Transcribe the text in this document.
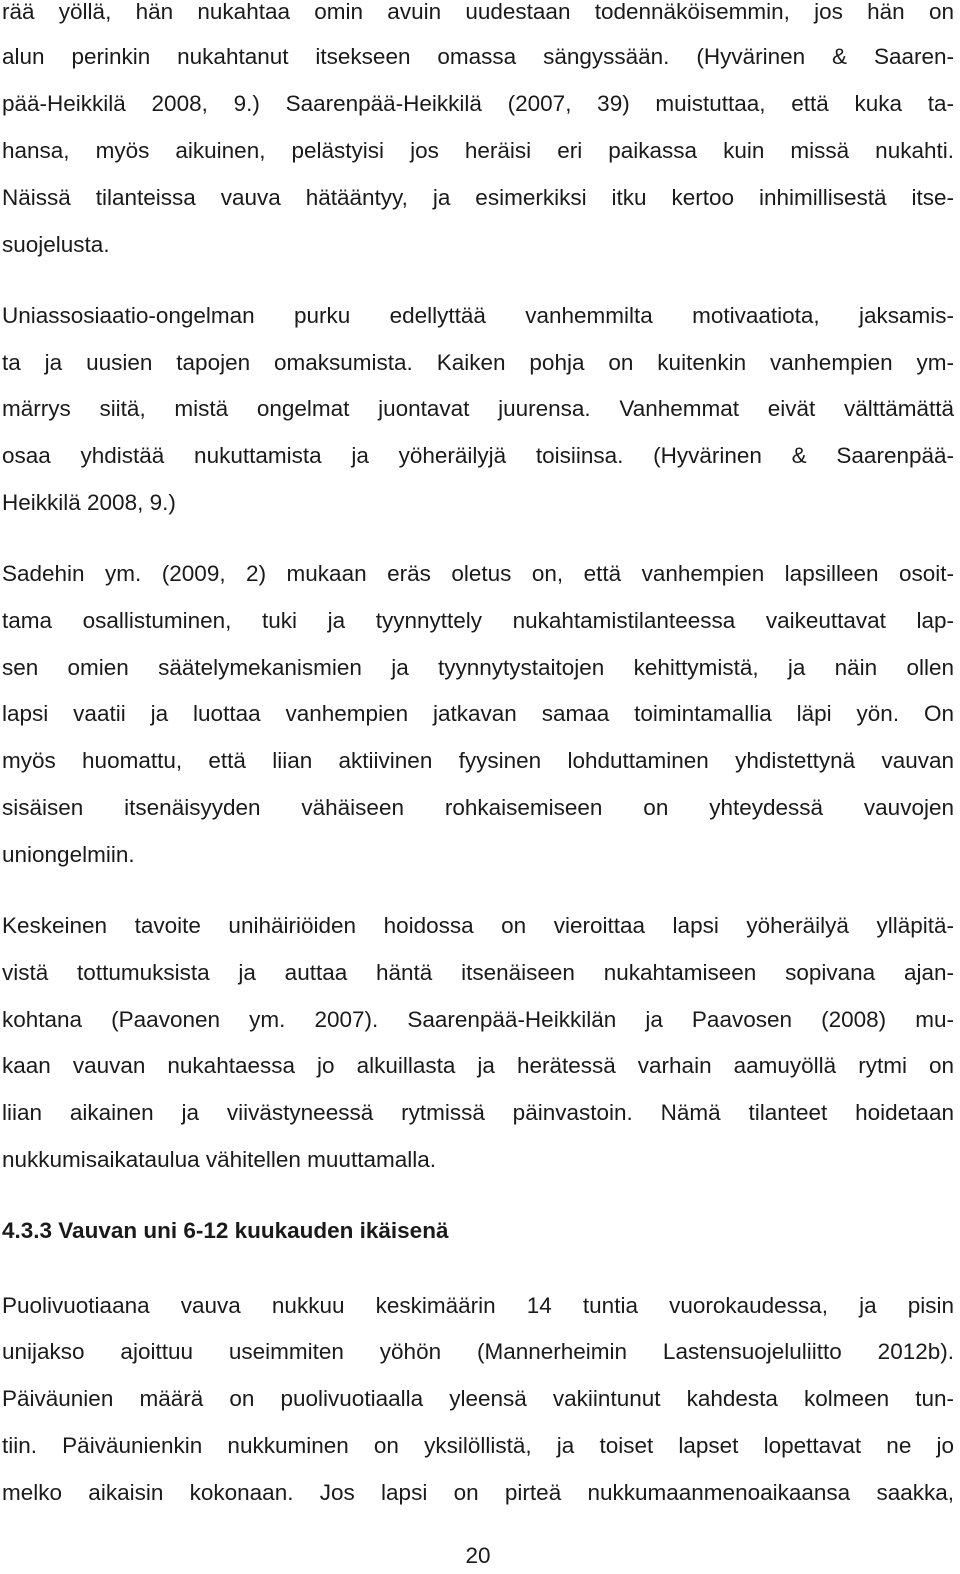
rää yöllä, hän nukahtaa omin avuin uudestaan todennäköisemmin, jos hän on
alun perinkin nukahtanut itsekseen omassa sängyssään. (Hyvärinen & Saaren-
pää-Heikkilä 2008, 9.) Saarenpää-Heikkilä (2007, 39) muistuttaa, että kuka ta-
hansa, myös aikuinen, pelästyisi jos heräisi eri paikassa kuin missä nukahti.
Näissä tilanteissa vauva hätääntyy, ja esimerkiksi itku kertoo inhimillisestä itse-
suojelusta.
Uniassosiaatio-ongelman purku edellyttää vanhemmilta motivaatiota, jaksamis-
ta ja uusien tapojen omaksumista. Kaiken pohja on kuitenkin vanhempien ym-
märrys siitä, mistä ongelmat juontavat juurensa. Vanhemmat eivät välttämättä
osaa yhdistää nukuttamista ja yöheräilyjä toisiinsa. (Hyvärinen & Saarenpää-
Heikkilä 2008, 9.)
Sadehin ym. (2009, 2) mukaan eräs oletus on, että vanhempien lapsilleen osoit-
tama osallistuminen, tuki ja tyynnyttely nukahtamistilanteessa vaikeuttavat lap-
sen omien säätelymekanismien ja tyynnytystaitojen kehittymistä, ja näin ollen
lapsi vaatii ja luottaa vanhempien jatkavan samaa toimintamallia läpi yön. On
myös huomattu, että liian aktiivinen fyysinen lohduttaminen yhdistettynä vauvan
sisäisen itsenäisyyden vähäiseen rohkaisemiseen on yhteydessä vauvojen
uniongelmiin.
Keskeinen tavoite unihäiriöiden hoidossa on vieroittaa lapsi yöheräilyä ylläpitä-
vistä tottumuksista ja auttaa häntä itsenäiseen nukahtamiseen sopivana ajan-
kohtana (Paavonen ym. 2007). Saarenpää-Heikkilän ja Paavosen (2008) mu-
kaan vauvan nukahtaessa jo alkuillasta ja herätessä varhain aamuyöllä rytmi on
liian aikainen ja viivästyneessä rytmissä päinvastoin. Nämä tilanteet hoidetaan
nukkumisaikataulua vähitellen muuttamalla.
4.3.3 Vauvan uni 6-12 kuukauden ikäisenä
Puolivuotiaana vauva nukkuu keskimäärin 14 tuntia vuorokaudessa, ja pisin
unijakso ajoittuu useimmiten yöhön (Mannerheimin Lastensuojeluliitto 2012b).
Päiväunien määrä on puolivuotiaalla yleensä vakiintunut kahdesta kolmeen tun-
tiin. Päiväunienkin nukkuminen on yksilöllistä, ja toiset lapset lopettavat ne jo
melko aikaisin kokonaan. Jos lapsi on pirteä nukkumaanmenoaikaansa saakka,
20
